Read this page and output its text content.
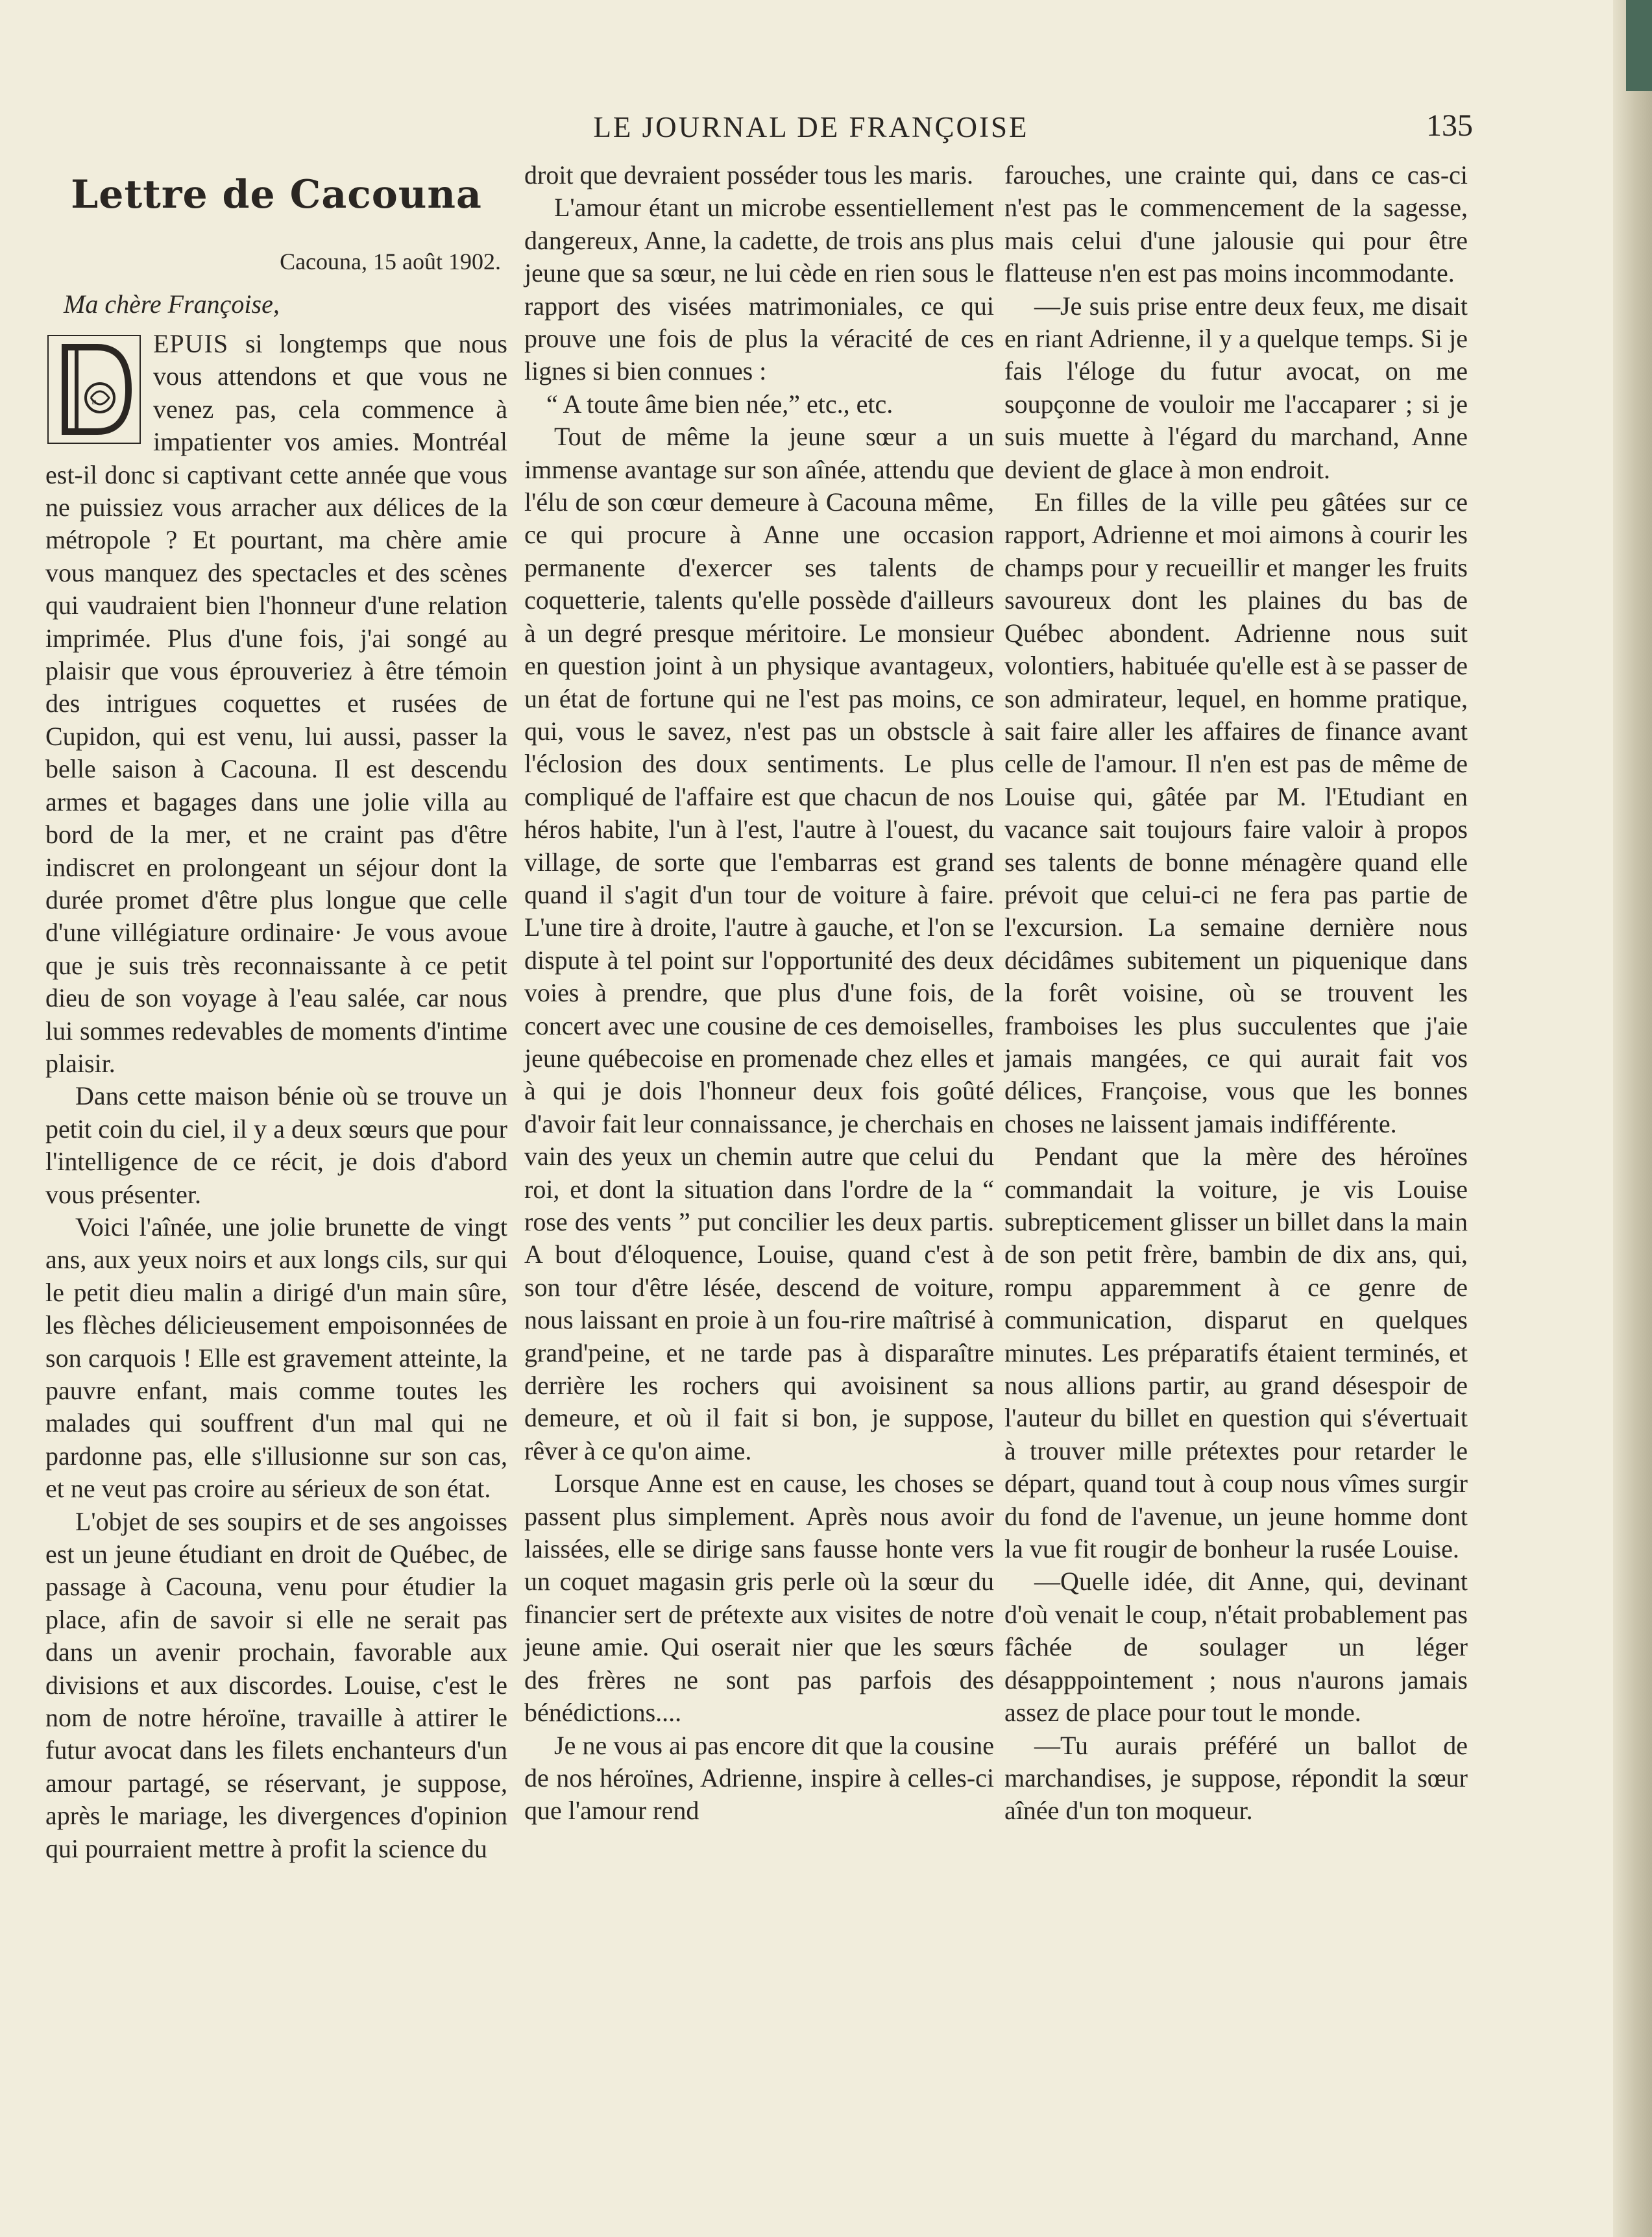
LE JOURNAL DE FRANÇOISE	135
Lettre de Cacouna
Cacouna, 15 août 1902.
Ma chère Françoise,

D
EPUIS si longtemps que nous vous attendons et que vous ne venez pas, cela commence à impatienter vos amies. Montréal est-il donc si captivant cette année que vous ne puissiez vous arracher aux délices de la métropole ? Et pourtant, ma chère amie vous manquez des spectacles et des scènes qui vaudraient bien l'honneur d'une relation imprimée. Plus d'une fois, j'ai songé au plaisir que vous éprouveriez à être témoin des intrigues coquettes et rusées de Cupidon, qui est venu, lui aussi, passer la belle saison à Cacouna. Il est descendu armes et bagages dans une jolie villa au bord de la mer, et ne craint pas d'être indiscret en prolongeant un séjour dont la durée promet d'être plus longue que celle d'une villégiature ordinaire· Je vous avoue que je suis très reconnaissante à ce petit dieu de son voyage à l'eau salée, car nous lui sommes redevables de moments d'intime plaisir.

Dans cette maison bénie où se trouve un petit coin du ciel, il y a deux sœurs que pour l'intelligence de ce récit, je dois d'abord vous présenter.

Voici l'aînée, une jolie brunette de vingt ans, aux yeux noirs et aux longs cils, sur qui le petit dieu malin a dirigé d'un main sûre, les flèches délicieusement empoisonnées de son carquois ! Elle est gravement atteinte, la pauvre enfant, mais comme toutes les malades qui souffrent d'un mal qui ne pardonne pas, elle s'illusionne sur son cas, et ne veut pas croire au sérieux de son état.

L'objet de ses soupirs et de ses angoisses est un jeune étudiant en droit de Québec, de passage à Cacouna, venu pour étudier la place, afin de savoir si elle ne serait pas dans un avenir prochain, favorable aux divisions et aux discordes. Louise, c'est le nom de notre héroïne, travaille à attirer le futur avocat dans les filets enchanteurs d'un amour partagé, se réservant, je suppose, après le mariage, les divergences d'opinion qui pourraient mettre à profit la science du

droit que devraient posséder tous les maris.

L'amour étant un microbe essentiellement dangereux, Anne, la cadette, de trois ans plus jeune que sa sœur, ne lui cède en rien sous le rapport des visées matrimoniales, ce qui prouve une fois de plus la véracité de ces lignes si bien connues :

“ A toute âme bien née,” etc., etc.

Tout de même la jeune sœur a un immense avantage sur son aînée, attendu que l'élu de son cœur demeure à Cacouna même, ce qui procure à Anne une occasion permanente d'exercer ses talents de coquetterie, talents qu'elle possède d'ailleurs à un degré presque méritoire. Le monsieur en question joint à un physique avantageux, un état de fortune qui ne l'est pas moins, ce qui, vous le savez, n'est pas un obstscle à l'éclosion des doux sentiments. Le plus compliqué de l'affaire est que chacun de nos héros habite, l'un à l'est, l'autre à l'ouest, du village, de sorte que l'embarras est grand quand il s'agit d'un tour de voiture à faire. L'une tire à droite, l'autre à gauche, et l'on se dispute à tel point sur l'opportunité des deux voies à prendre, que plus d'une fois, de concert avec une cousine de ces demoiselles, jeune québecoise en promenade chez elles et à qui je dois l'honneur deux fois goûté d'avoir fait leur connaissance, je cherchais en vain des yeux un chemin autre que celui du roi, et dont la situation dans l'ordre de la “ rose des vents ” put concilier les deux partis. A bout d'éloquence, Louise, quand c'est à son tour d'être lésée, descend de voiture, nous laissant en proie à un fou-rire maîtrisé à grand'peine, et ne tarde pas à disparaître derrière les rochers qui avoisinent sa demeure, et où il fait si bon, je suppose, rêver à ce qu'on aime.

Lorsque Anne est en cause, les choses se passent plus simplement. Après nous avoir laissées, elle se dirige sans fausse honte vers un coquet magasin gris perle où la sœur du financier sert de prétexte aux visites de notre jeune amie. Qui oserait nier que les sœurs des frères ne sont pas parfois des bénédictions....

Je ne vous ai pas encore dit que la cousine de nos héroïnes, Adrienne, inspire à celles-ci que l'amour rend

farouches, une crainte qui, dans ce cas-ci n'est pas le commencement de la sagesse, mais celui d'une jalousie qui pour être flatteuse n'en est pas moins incommodante.

—Je suis prise entre deux feux, me disait en riant Adrienne, il y a quelque temps. Si je fais l'éloge du futur avocat, on me soupçonne de vouloir me l'accaparer ; si je suis muette à l'égard du marchand, Anne devient de glace à mon endroit.

En filles de la ville peu gâtées sur ce rapport, Adrienne et moi aimons à courir les champs pour y recueillir et manger les fruits savoureux dont les plaines du bas de Québec abondent. Adrienne nous suit volontiers, habituée qu'elle est à se passer de son admirateur, lequel, en homme pratique, sait faire aller les affaires de finance avant celle de l'amour. Il n'en est pas de même de Louise qui, gâtée par M. l'Etudiant en vacance sait toujours faire valoir à propos ses talents de bonne ménagère quand elle prévoit que celui-ci ne fera pas partie de l'excursion. La semaine dernière nous décidâmes subitement un piquenique dans la forêt voisine, où se trouvent les framboises les plus succulentes que j'aie jamais mangées, ce qui aurait fait vos délices, Françoise, vous que les bonnes choses ne laissent jamais indifférente.

Pendant que la mère des héroïnes commandait la voiture, je vis Louise subrepticement glisser un billet dans la main de son petit frère, bambin de dix ans, qui, rompu apparemment à ce genre de communication, disparut en quelques minutes. Les préparatifs étaient terminés, et nous allions partir, au grand désespoir de l'auteur du billet en question qui s'évertuait à trouver mille prétextes pour retarder le départ, quand tout à coup nous vîmes surgir du fond de l'avenue, un jeune homme dont la vue fit rougir de bonheur la rusée Louise.

—Quelle idée, dit Anne, qui, devinant d'où venait le coup, n'était probablement pas fâchée de soulager un léger désapppointement ; nous n'aurons jamais assez de place pour tout le monde.

—Tu aurais préféré un ballot de marchandises, je suppose, répondit la sœur aînée d'un ton moqueur.
